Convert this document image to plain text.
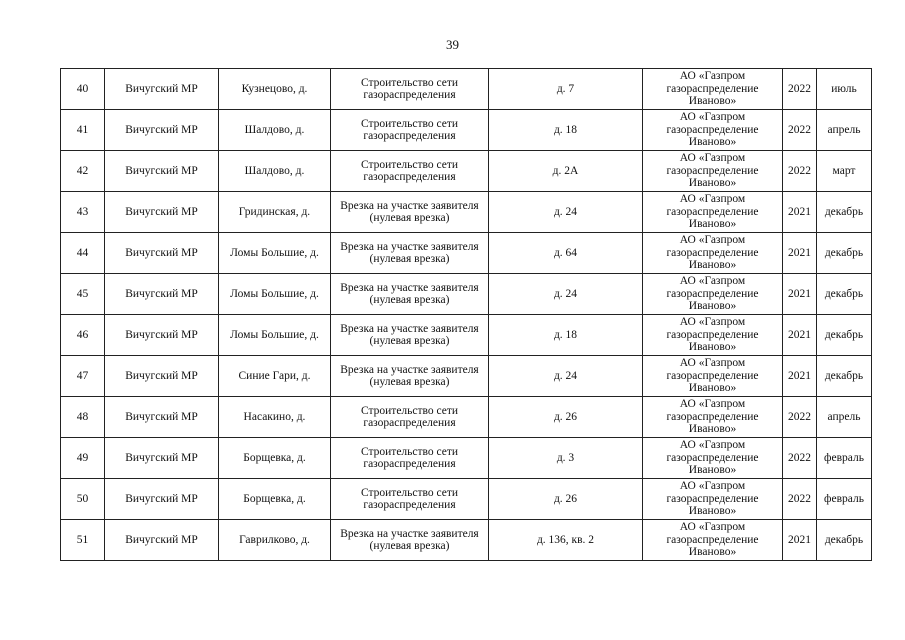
39
40	Вичугский МР	Кузнецово, д.	Строительство сети газораспределения	д. 7	АО «Газпром газораспределение Иваново»	2022	июль
41	Вичугский МР	Шалдово, д.	Строительство сети газораспределения	д. 18	АО «Газпром газораспределение Иваново»	2022	апрель
42	Вичугский МР	Шалдово, д.	Строительство сети газораспределения	д. 2А	АО «Газпром газораспределение Иваново»	2022	март
43	Вичугский МР	Гридинская, д.	Врезка на участке заявителя (нулевая врезка)	д. 24	АО «Газпром газораспределение Иваново»	2021	декабрь
44	Вичугский МР	Ломы Большие, д.	Врезка на участке заявителя (нулевая врезка)	д. 64	АО «Газпром газораспределение Иваново»	2021	декабрь
45	Вичугский МР	Ломы Большие, д.	Врезка на участке заявителя (нулевая врезка)	д. 24	АО «Газпром газораспределение Иваново»	2021	декабрь
46	Вичугский МР	Ломы Большие, д.	Врезка на участке заявителя (нулевая врезка)	д. 18	АО «Газпром газораспределение Иваново»	2021	декабрь
47	Вичугский МР	Синие Гари, д.	Врезка на участке заявителя (нулевая врезка)	д. 24	АО «Газпром газораспределение Иваново»	2021	декабрь
48	Вичугский МР	Насакино, д.	Строительство сети газораспределения	д. 26	АО «Газпром газораспределение Иваново»	2022	апрель
49	Вичугский МР	Борщевка, д.	Строительство сети газораспределения	д. 3	АО «Газпром газораспределение Иваново»	2022	февраль
50	Вичугский МР	Борщевка, д.	Строительство сети газораспределения	д. 26	АО «Газпром газораспределение Иваново»	2022	февраль
51	Вичугский МР	Гаврилково, д.	Врезка на участке заявителя (нулевая врезка)	д. 136, кв. 2	АО «Газпром газораспределение Иваново»	2021	декабрь
